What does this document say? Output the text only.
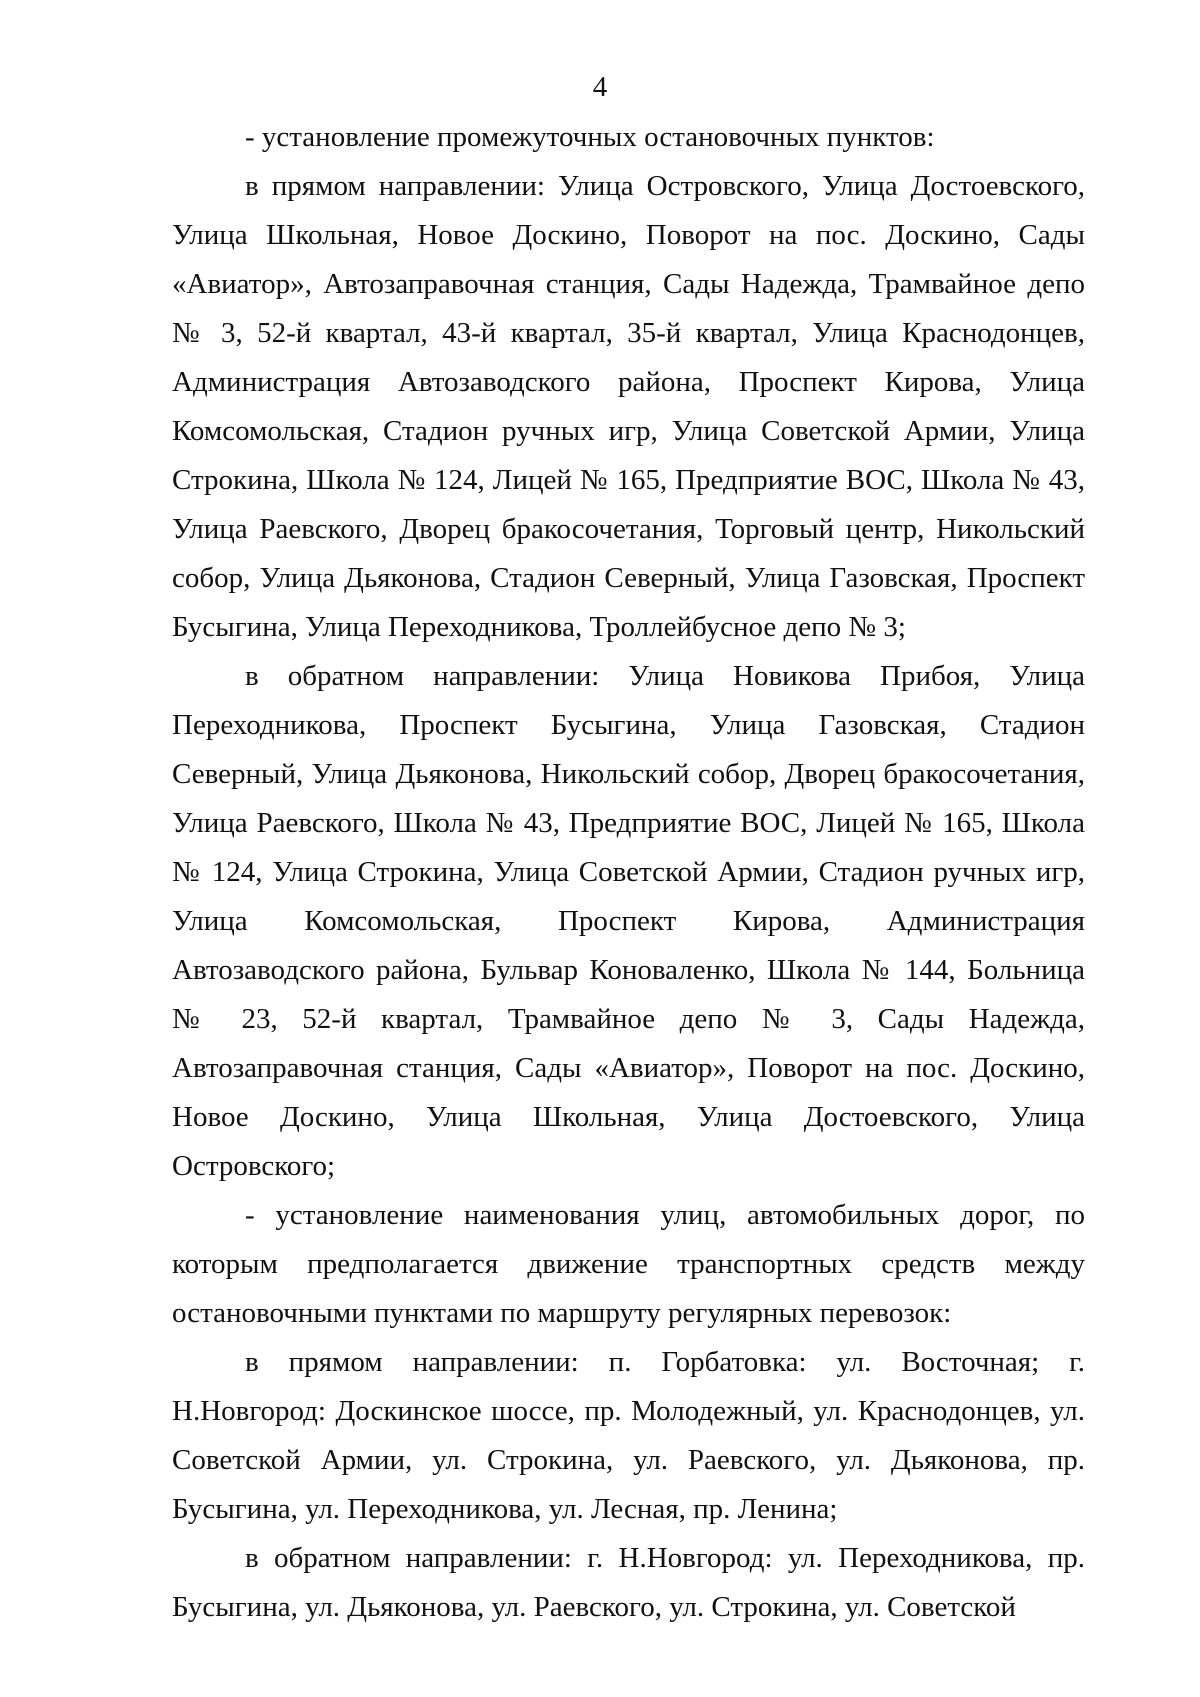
4

- установление промежуточных остановочных пунктов:

в прямом направлении: Улица Островского, Улица Достоевского, Улица Школьная, Новое Доскино, Поворот на пос. Доскино, Сады «Авиатор», Автозаправочная станция, Сады Надежда, Трамвайное депо № 3, 52-й квартал, 43-й квартал, 35-й квартал, Улица Краснодонцев, Администрация Автозаводского района, Проспект Кирова, Улица Комсомольская, Стадион ручных игр, Улица Советской Армии, Улица Строкина, Школа № 124, Лицей № 165, Предприятие ВОС, Школа № 43, Улица Раевского, Дворец бракосочетания, Торговый центр, Никольский собор, Улица Дьяконова, Стадион Северный, Улица Газовская, Проспект Бусыгина, Улица Переходникова, Троллейбусное депо № 3;

в обратном направлении: Улица Новикова Прибоя, Улица Переходникова, Проспект Бусыгина, Улица Газовская, Стадион Северный, Улица Дьяконова, Никольский собор, Дворец бракосочетания, Улица Раевского, Школа № 43, Предприятие ВОС, Лицей № 165, Школа № 124, Улица Строкина, Улица Советской Армии, Стадион ручных игр, Улица Комсомольская, Проспект Кирова, Администрация Автозаводского района, Бульвар Коноваленко, Школа № 144, Больница № 23, 52-й квартал, Трамвайное депо № 3, Сады Надежда, Автозаправочная станция, Сады «Авиатор», Поворот на пос. Доскино, Новое Доскино, Улица Школьная, Улица Достоевского, Улица Островского;

- установление наименования улиц, автомобильных дорог, по которым предполагается движение транспортных средств между остановочными пунктами по маршруту регулярных перевозок:

в прямом направлении: п. Горбатовка: ул. Восточная; г. Н.Новгород: Доскинское шоссе, пр. Молодежный, ул. Краснодонцев, ул. Советской Армии, ул. Строкина, ул. Раевского, ул. Дьяконова, пр. Бусыгина, ул. Переходникова, ул. Лесная, пр. Ленина;

в обратном направлении: г. Н.Новгород: ул. Переходникова, пр. Бусыгина, ул. Дьяконова, ул. Раевского, ул. Строкина, ул. Советской
